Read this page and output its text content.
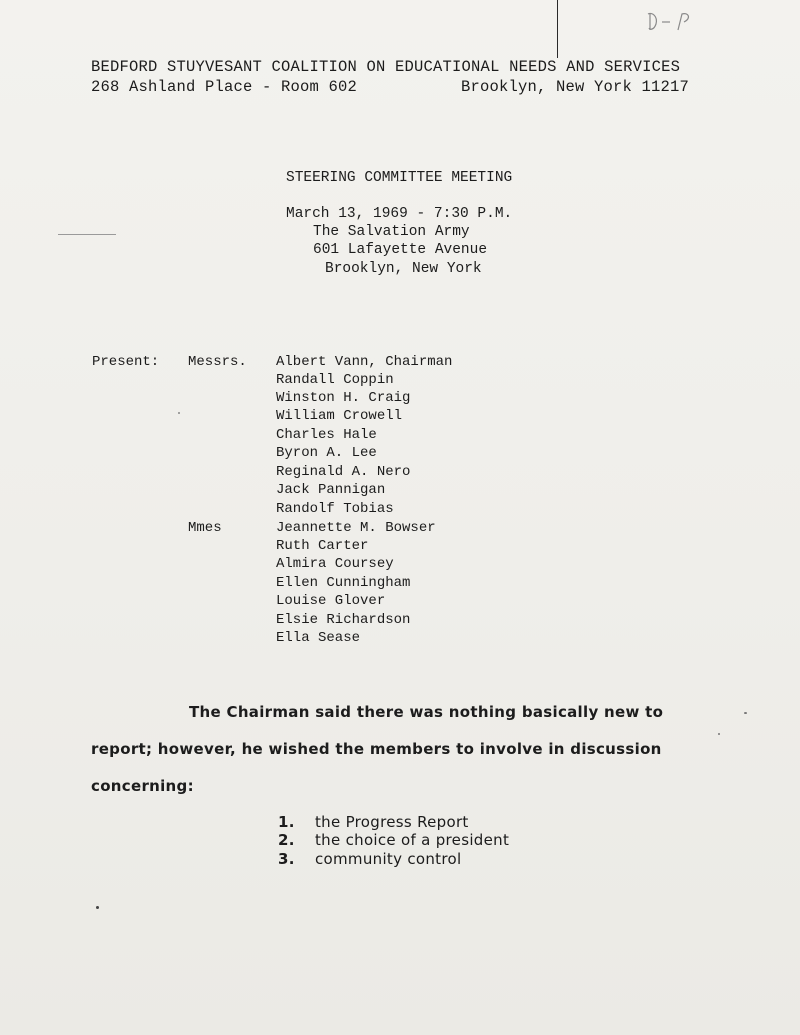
BEDFORD STUYVESANT COALITION ON EDUCATIONAL NEEDS AND SERVICES
268 Ashland Place - Room 602	Brooklyn, New York 11217
STEERING COMMITTEE MEETING
March 13, 1969 - 7:30 P.M.
The Salvation Army
601 Lafayette Avenue
Brooklyn, New York
Present: Messrs. Albert Vann, Chairman
Randall Coppin
Winston H. Craig
William Crowell
Charles Hale
Byron A. Lee
Reginald A. Nero
Jack Pannigan
Randolf Tobias
Mmes	Jeannette M. Bowser
Ruth Carter
Almira Coursey
Ellen Cunningham
Louise Glover
Elsie Richardson
Ella Sease
The Chairman said there was nothing basically new to
report; however, he wished the members to involve in discussion
concerning:
1. the Progress Report
2. the choice of a president
3. community control
